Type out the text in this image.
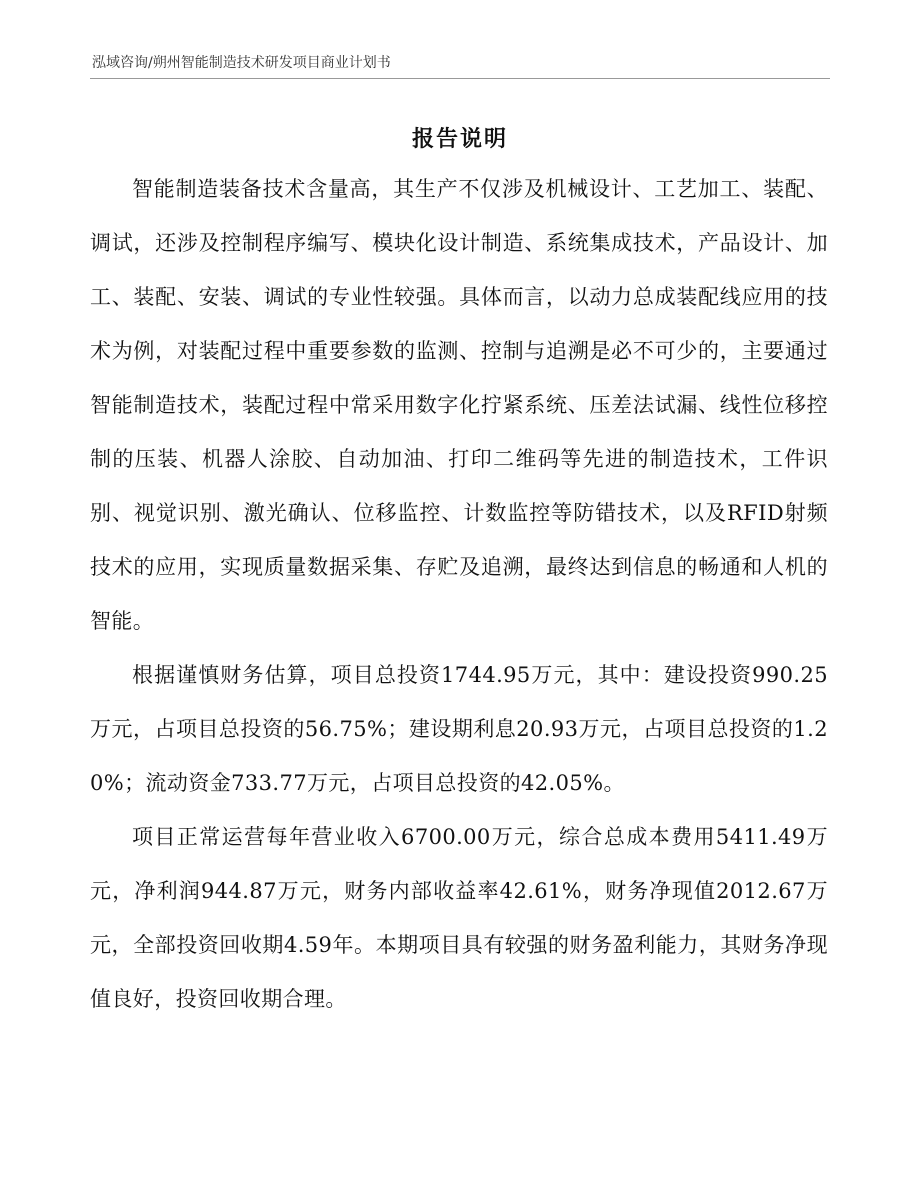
泓域咨询/朔州智能制造技术研发项目商业计划书
报告说明

智能制造装备技术含量高，其生产不仅涉及机械设计、工艺加工、装配、调试，还涉及控制程序编写、模块化设计制造、系统集成技术，产品设计、加工、装配、安装、调试的专业性较强。具体而言，以动力总成装配线应用的技术为例，对装配过程中重要参数的监测、控制与追溯是必不可少的，主要通过智能制造技术，装配过程中常采用数字化拧紧系统、压差法试漏、线性位移控制的压装、机器人涂胶、自动加油、打印二维码等先进的制造技术，工件识别、视觉识别、激光确认、位移监控、计数监控等防错技术，以及RFID射频技术的应用，实现质量数据采集、存贮及追溯，最终达到信息的畅通和人机的智能。

根据谨慎财务估算，项目总投资1744.95万元，其中：建设投资990.25万元，占项目总投资的56.75%；建设期利息20.93万元，占项目总投资的1.20%；流动资金733.77万元，占项目总投资的42.05%。

项目正常运营每年营业收入6700.00万元，综合总成本费用5411.49万元，净利润944.87万元，财务内部收益率42.61%，财务净现值2012.67万元，全部投资回收期4.59年。本期项目具有较强的财务盈利能力，其财务净现值良好，投资回收期合理。
